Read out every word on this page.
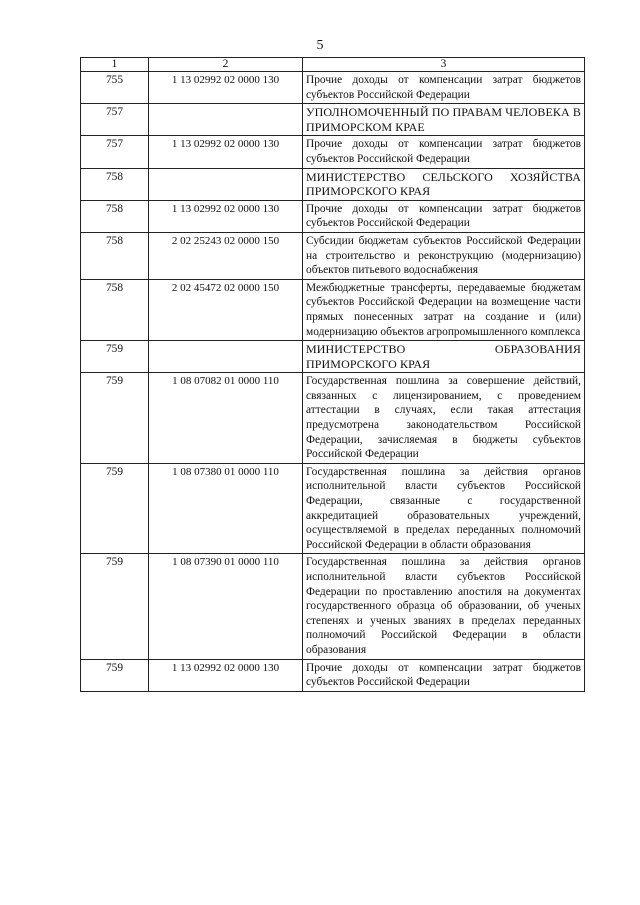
5
1	2	3
755	1 13 02992 02 0000 130	Прочие доходы от компенсации затрат бюджетов субъектов Российской Федерации
757		УПОЛНОМОЧЕННЫЙ ПО ПРАВАМ ЧЕЛОВЕКА В ПРИМОРСКОМ КРАЕ
757	1 13 02992 02 0000 130	Прочие доходы от компенсации затрат бюджетов субъектов Российской Федерации
758		МИНИСТЕРСТВО СЕЛЬСКОГО ХОЗЯЙСТВА ПРИМОРСКОГО КРАЯ
758	1 13 02992 02 0000 130	Прочие доходы от компенсации затрат бюджетов субъектов Российской Федерации
758	2 02 25243 02 0000 150	Субсидии бюджетам субъектов Российской Федерации на строительство и реконструкцию (модернизацию) объектов питьевого водоснабжения
758	2 02 45472 02 0000 150	Межбюджетные трансферты, передаваемые бюджетам субъектов Российской Федерации на возмещение части прямых понесенных затрат на создание и (или) модернизацию объектов агропромышленного комплекса
759		МИНИСТЕРСТВО ОБРАЗОВАНИЯ ПРИМОРСКОГО КРАЯ
759	1 08 07082 01 0000 110	Государственная пошлина за совершение действий, связанных с лицензированием, с проведением аттестации в случаях, если такая аттестация предусмотрена законодательством Российской Федерации, зачисляемая в бюджеты субъектов Российской Федерации
759	1 08 07380 01 0000 110	Государственная пошлина за действия органов исполнительной власти субъектов Российской Федерации, связанные с государственной аккредитацией образовательных учреждений, осуществляемой в пределах переданных полномочий Российской Федерации в области образования
759	1 08 07390 01 0000 110	Государственная пошлина за действия органов исполнительной власти субъектов Российской Федерации по проставлению апостиля на документах государственного образца об образовании, об ученых степенях и ученых званиях в пределах переданных полномочий Российской Федерации в области образования
759	1 13 02992 02 0000 130	Прочие доходы от компенсации затрат бюджетов субъектов Российской Федерации
